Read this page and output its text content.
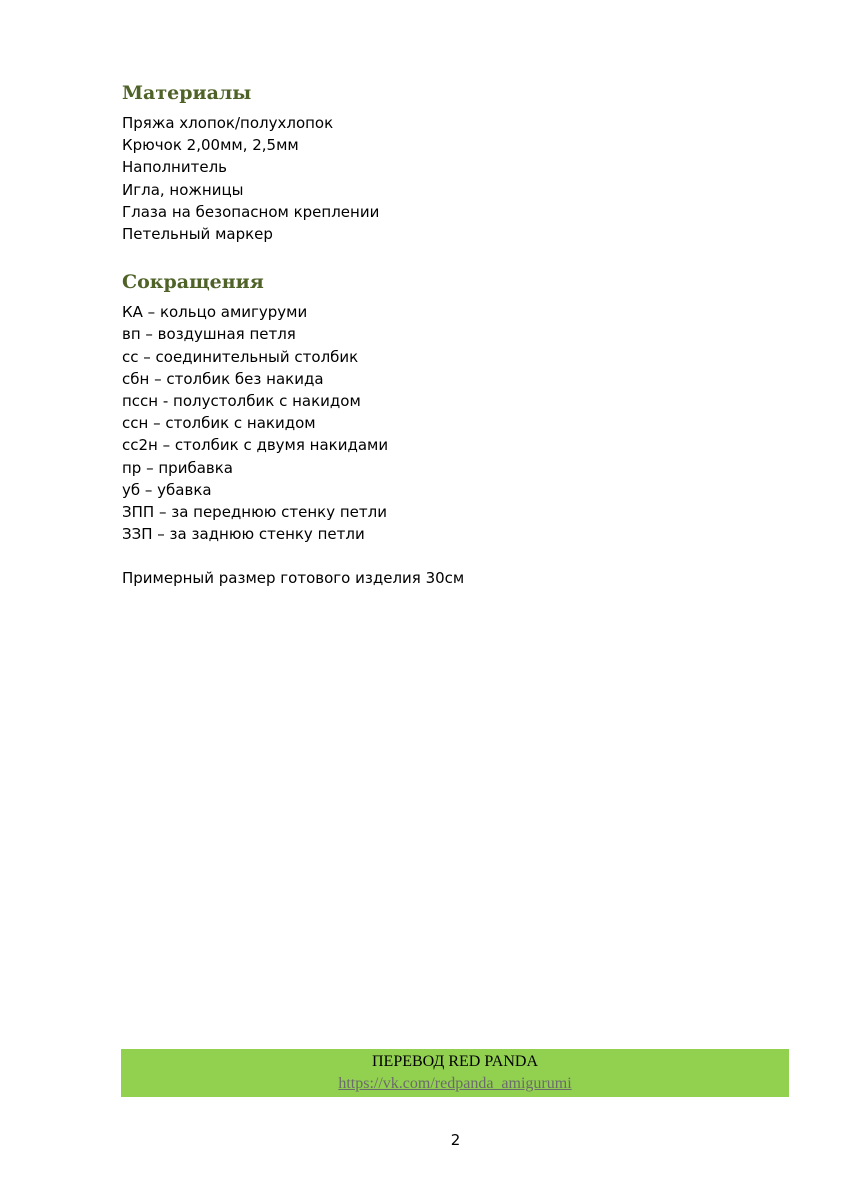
Материалы
Пряжа хлопок/полухлопок
Крючок 2,00мм, 2,5мм
Наполнитель
Игла, ножницы
Глаза на безопасном креплении
Петельный маркер
Сокращения
КА – кольцо амигуруми
вп – воздушная петля
сс – соединительный столбик
сбн – столбик без накида
пссн - полустолбик с накидом
ссн – столбик с накидом
сс2н – столбик с двумя накидами
пр – прибавка
уб – убавка
ЗПП – за переднюю стенку петли
ЗЗП – за заднюю стенку петли

Примерный размер готового изделия 30см

ПЕРЕВОД RED PANDA
https://vk.com/redpanda_amigurumi
2
